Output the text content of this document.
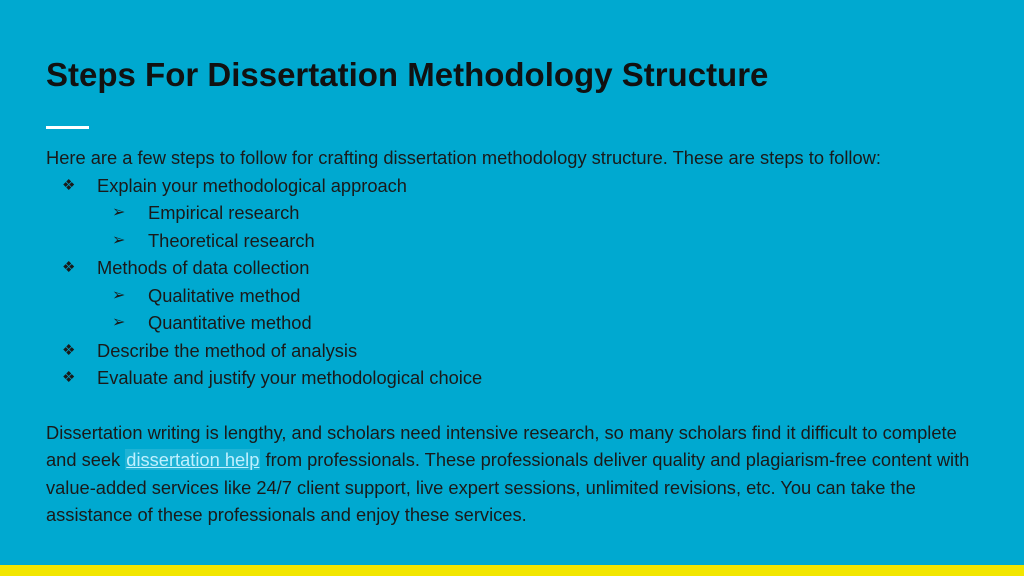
Steps For Dissertation Methodology Structure

Here are a few steps to follow for crafting dissertation methodology structure. These are steps to follow:

❖ Explain your methodological approach
➢ Empirical research
➢ Theoretical research
❖ Methods of data collection
➢ Qualitative method
➢ Quantitative method
❖ Describe the method of analysis
❖ Evaluate and justify your methodological choice

Dissertation writing is lengthy, and scholars need intensive research, so many scholars find it difficult to complete and seek dissertation help from professionals. These professionals deliver quality and plagiarism-free content with value-added services like 24/7 client support, live expert sessions, unlimited revisions, etc. You can take the assistance of these professionals and enjoy these services.
